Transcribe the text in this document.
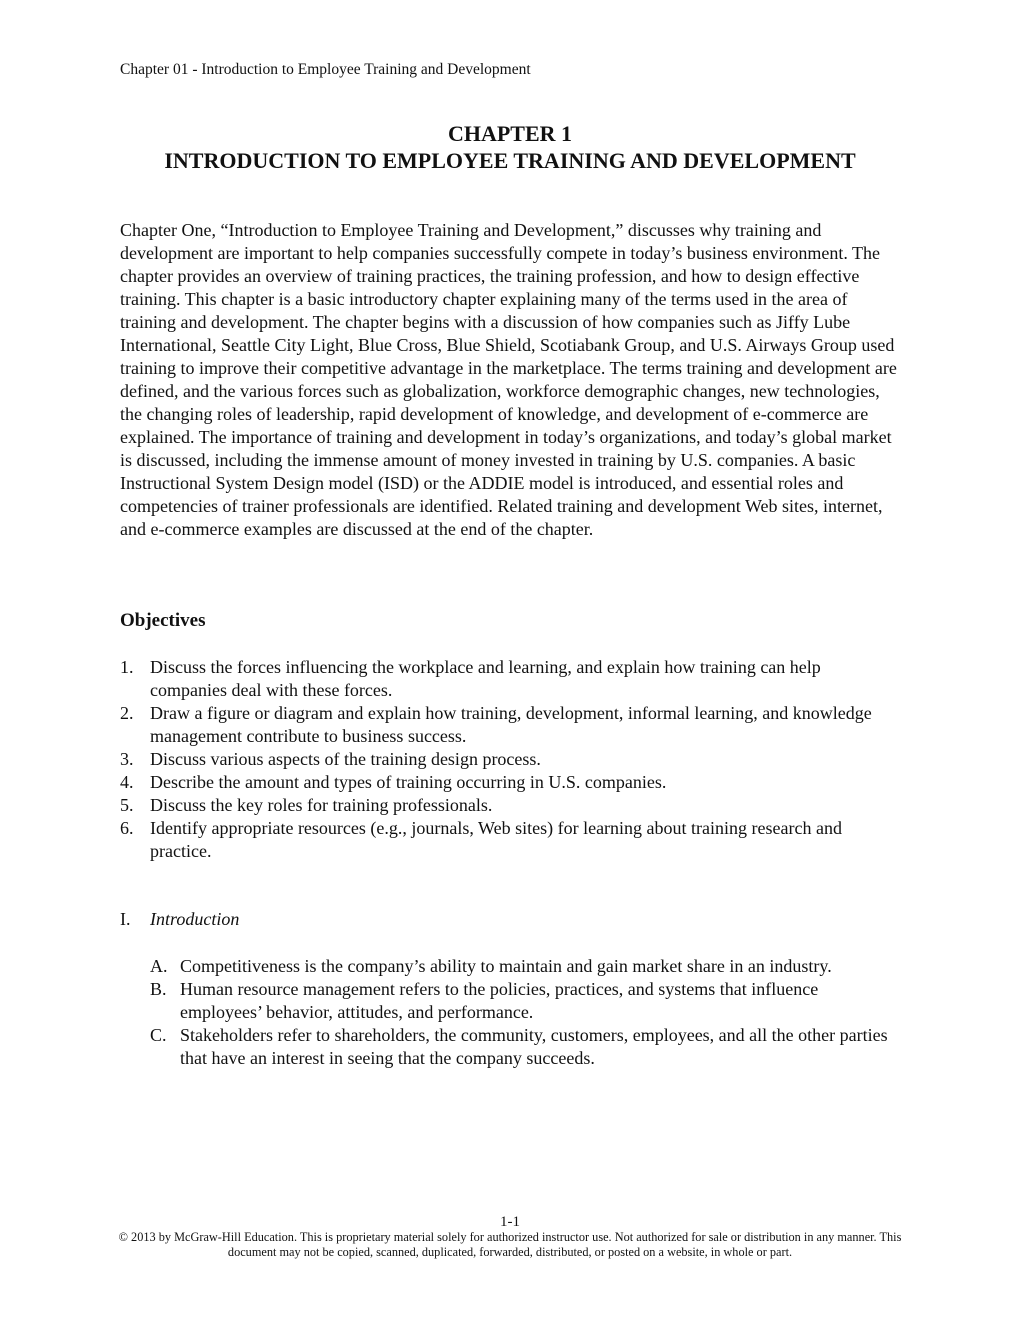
Chapter 01 - Introduction to Employee Training and Development
CHAPTER 1
INTRODUCTION TO EMPLOYEE TRAINING AND DEVELOPMENT

Chapter One, “Introduction to Employee Training and Development,” discusses why training and development are important to help companies successfully compete in today’s business environment. The chapter provides an overview of training practices, the training profession, and how to design effective training. This chapter is a basic introductory chapter explaining many of the terms used in the area of training and development. The chapter begins with a discussion of how companies such as Jiffy Lube International, Seattle City Light, Blue Cross, Blue Shield, Scotiabank Group, and U.S. Airways Group used training to improve their competitive advantage in the marketplace. The terms training and development are defined, and the various forces such as globalization, workforce demographic changes, new technologies, the changing roles of leadership, rapid development of knowledge, and development of e-commerce are explained. The importance of training and development in today’s organizations, and today’s global market is discussed, including the immense amount of money invested in training by U.S. companies. A basic Instructional System Design model (ISD) or the ADDIE model is introduced, and essential roles and competencies of trainer professionals are identified. Related training and development Web sites, internet, and e-commerce examples are discussed at the end of the chapter.

Objectives
1. Discuss the forces influencing the workplace and learning, and explain how training can help companies deal with these forces.
2. Draw a figure or diagram and explain how training, development, informal learning, and knowledge management contribute to business success.
3. Discuss various aspects of the training design process.
4. Describe the amount and types of training occurring in U.S. companies.
5. Discuss the key roles for training professionals.
6. Identify appropriate resources (e.g., journals, Web sites) for learning about training research and practice.
I. Introduction
A. Competitiveness is the company’s ability to maintain and gain market share in an industry.
B. Human resource management refers to the policies, practices, and systems that influence employees’ behavior, attitudes, and performance.
C. Stakeholders refer to shareholders, the community, customers, employees, and all the other parties that have an interest in seeing that the company succeeds.
1-1
© 2013 by McGraw-Hill Education. This is proprietary material solely for authorized instructor use. Not authorized for sale or distribution in any manner. This document may not be copied, scanned, duplicated, forwarded, distributed, or posted on a website, in whole or part.
